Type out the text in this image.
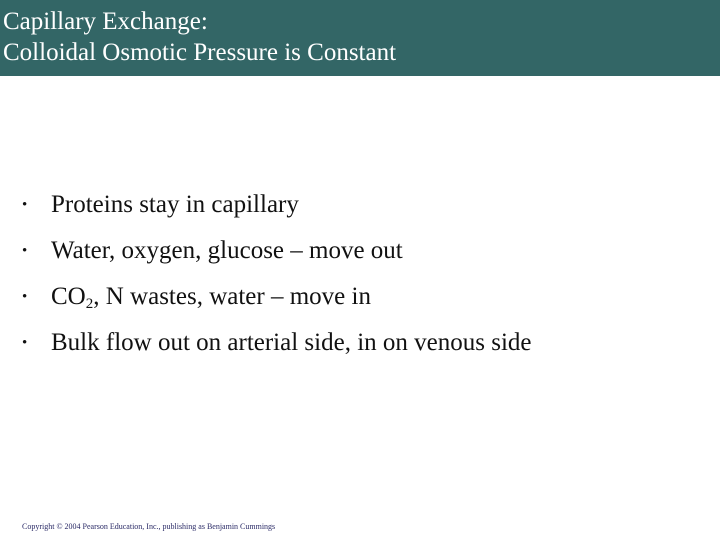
Capillary Exchange:
Colloidal Osmotic Pressure is Constant
• Proteins stay in capillary
• Water, oxygen, glucose – move out
• $CO_2$, N wastes, water – move in
• Bulk flow out on arterial side, in on venous side
Copyright © 2004 Pearson Education, Inc., publishing as Benjamin Cummings
